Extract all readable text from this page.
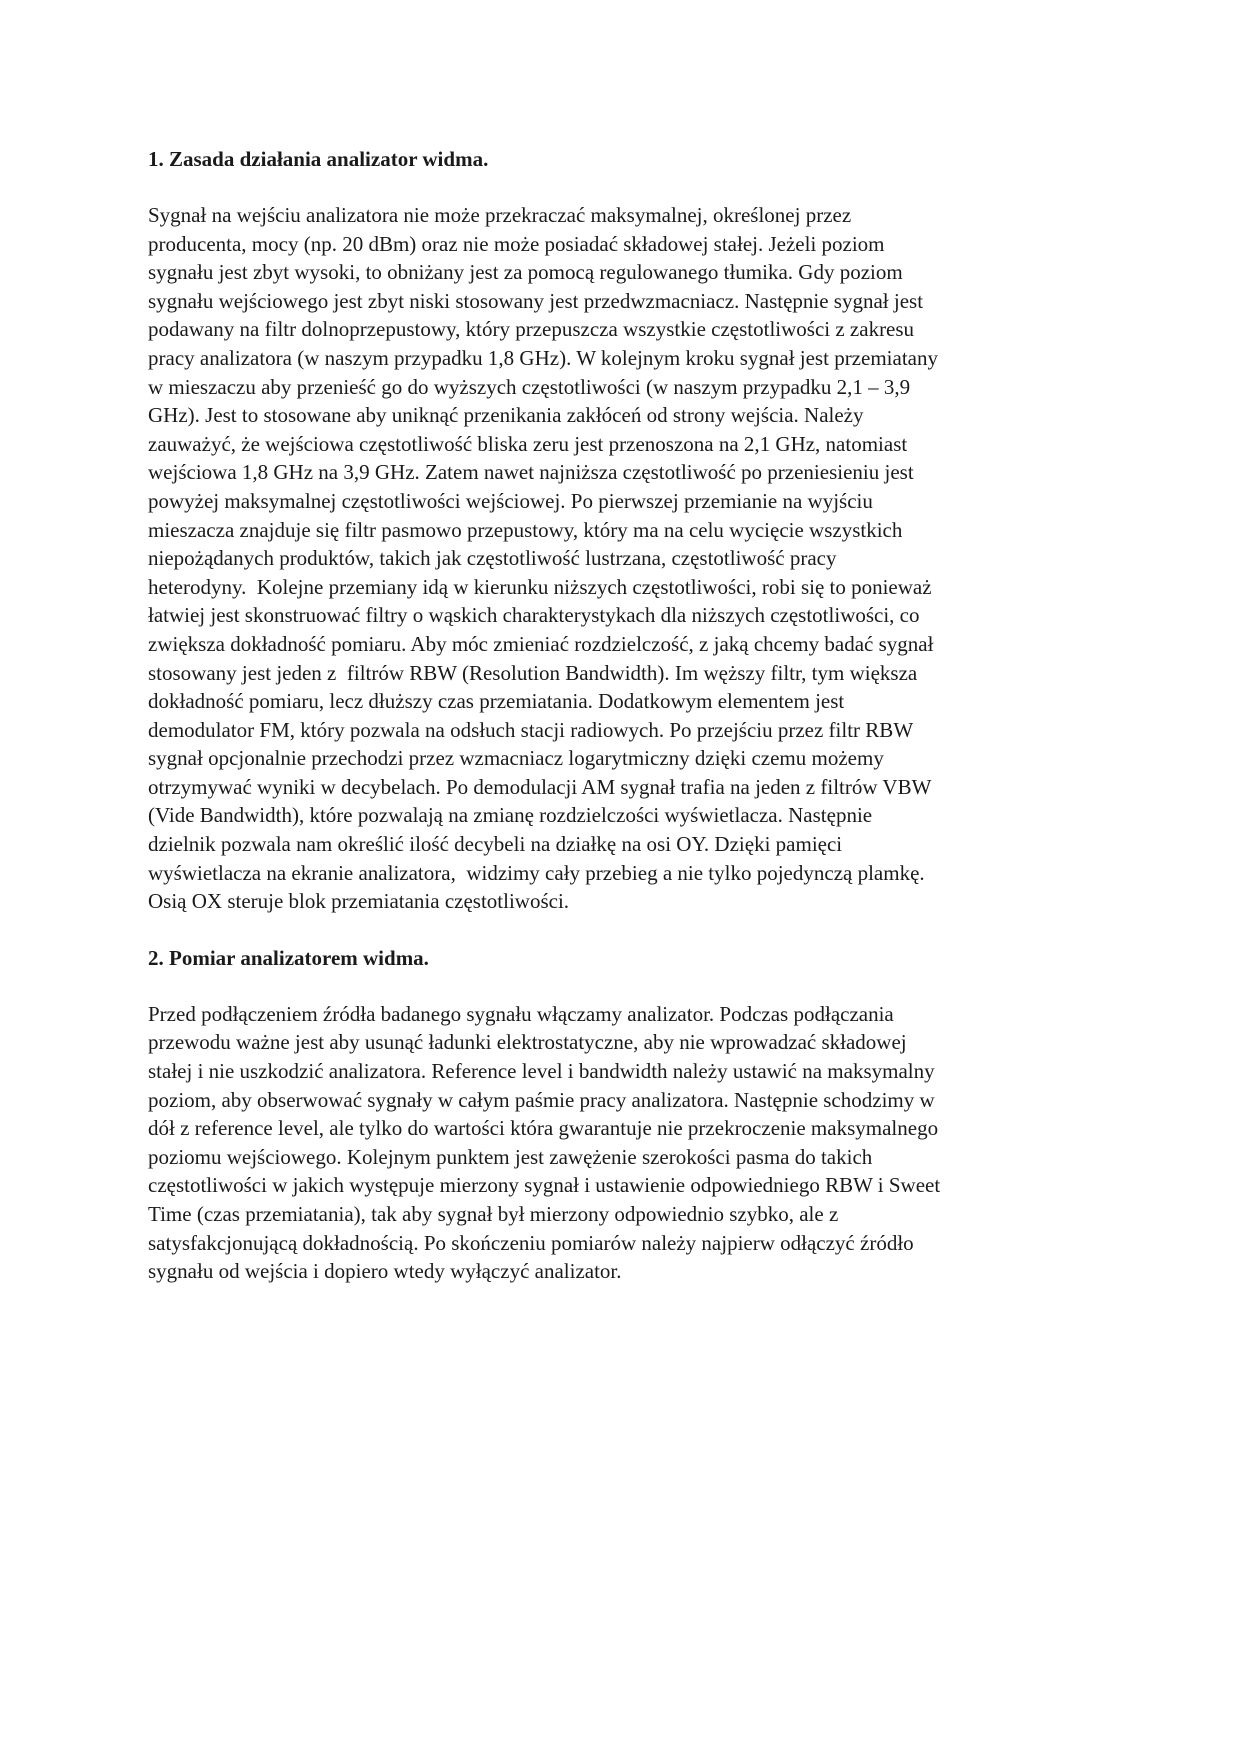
1. Zasada działania analizator widma.
Sygnał na wejściu analizatora nie może przekraczać maksymalnej, określonej przez
producenta, mocy (np. 20 dBm) oraz nie może posiadać składowej stałej. Jeżeli poziom
sygnału jest zbyt wysoki, to obniżany jest za pomocą regulowanego tłumika. Gdy poziom
sygnału wejściowego jest zbyt niski stosowany jest przedwzmacniacz. Następnie sygnał jest
podawany na filtr dolnoprzepustowy, który przepuszcza wszystkie częstotliwości z zakresu
pracy analizatora (w naszym przypadku 1,8 GHz). W kolejnym kroku sygnał jest przemiatany
w mieszaczu aby przenieść go do wyższych częstotliwości (w naszym przypadku 2,1 – 3,9
GHz). Jest to stosowane aby uniknąć przenikania zakłóceń od strony wejścia. Należy
zauważyć, że wejściowa częstotliwość bliska zeru jest przenoszona na 2,1 GHz, natomiast
wejściowa 1,8 GHz na 3,9 GHz. Zatem nawet najniższa częstotliwość po przeniesieniu jest
powyżej maksymalnej częstotliwości wejściowej. Po pierwszej przemianie na wyjściu
mieszacza znajduje się filtr pasmowo przepustowy, który ma na celu wycięcie wszystkich
niepożądanych produktów, takich jak częstotliwość lustrzana, częstotliwość pracy
heterodyny.  Kolejne przemiany idą w kierunku niższych częstotliwości, robi się to ponieważ
łatwiej jest skonstruować filtry o wąskich charakterystykach dla niższych częstotliwości, co
zwiększa dokładność pomiaru. Aby móc zmieniać rozdzielczość, z jaką chcemy badać sygnał
stosowany jest jeden z  filtrów RBW (Resolution Bandwidth). Im węższy filtr, tym większa
dokładność pomiaru, lecz dłuższy czas przemiatania. Dodatkowym elementem jest
demodulator FM, który pozwala na odsłuch stacji radiowych. Po przejściu przez filtr RBW
sygnał opcjonalnie przechodzi przez wzmacniacz logarytmiczny dzięki czemu możemy
otrzymywać wyniki w decybelach. Po demodulacji AM sygnał trafia na jeden z filtrów VBW
(Vide Bandwidth), które pozwalają na zmianę rozdzielczości wyświetlacza. Następnie
dzielnik pozwala nam określić ilość decybeli na działkę na osi OY. Dzięki pamięci
wyświetlacza na ekranie analizatora,  widzimy cały przebieg a nie tylko pojedynczą plamkę.
Osią OX steruje blok przemiatania częstotliwości.
2. Pomiar analizatorem widma.
Przed podłączeniem źródła badanego sygnału włączamy analizator. Podczas podłączania
przewodu ważne jest aby usunąć ładunki elektrostatyczne, aby nie wprowadzać składowej
stałej i nie uszkodzić analizatora. Reference level i bandwidth należy ustawić na maksymalny
poziom, aby obserwować sygnały w całym paśmie pracy analizatora. Następnie schodzimy w
dół z reference level, ale tylko do wartości która gwarantuje nie przekroczenie maksymalnego
poziomu wejściowego. Kolejnym punktem jest zawężenie szerokości pasma do takich
częstotliwości w jakich występuje mierzony sygnał i ustawienie odpowiedniego RBW i Sweet
Time (czas przemiatania), tak aby sygnał był mierzony odpowiednio szybko, ale z
satysfakcjonującą dokładnością. Po skończeniu pomiarów należy najpierw odłączyć źródło
sygnału od wejścia i dopiero wtedy wyłączyć analizator.
